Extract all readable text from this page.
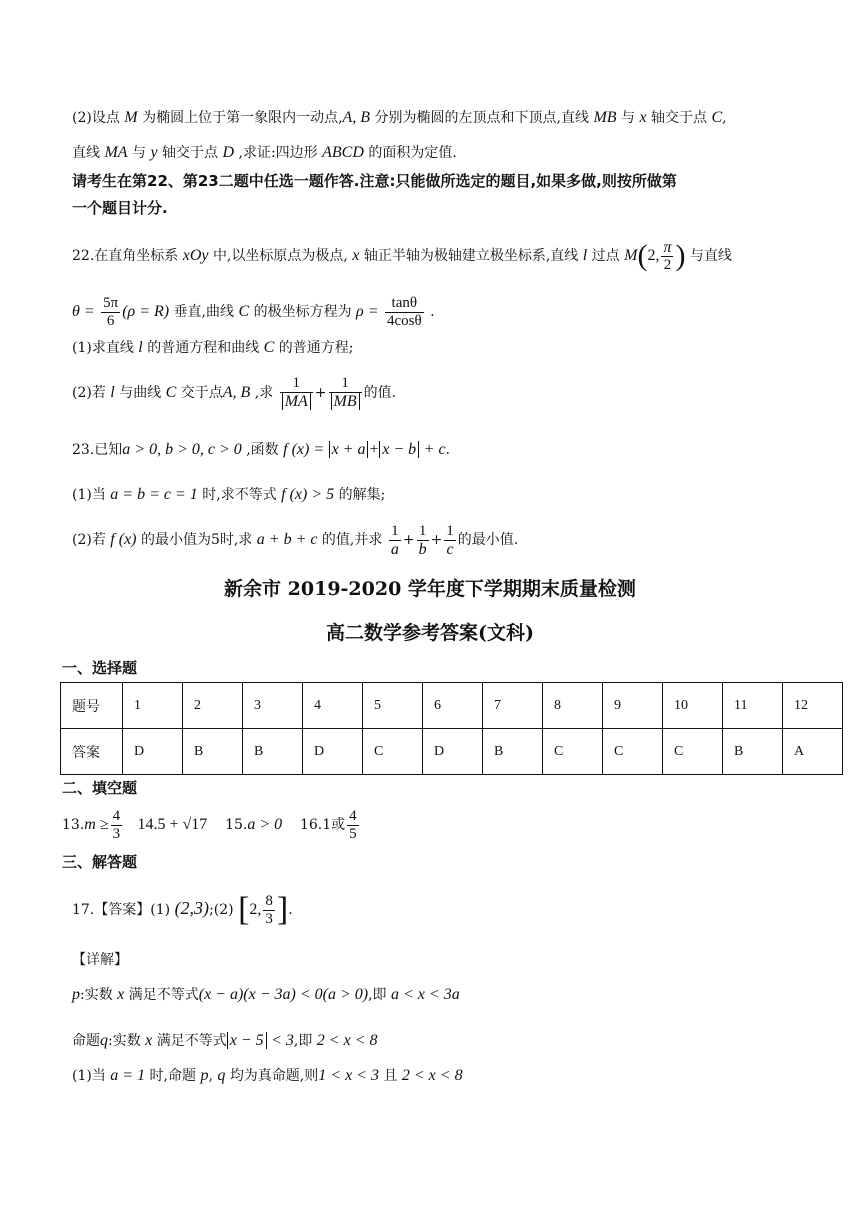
(2)设点 M 为椭圆上位于第一象限内一动点,A, B 分别为椭圆的左顶点和下顶点,直线 MB 与 x 轴交于点 C,
直线 MA 与 y 轴交于点 D ,求证:四边形 ABCD 的面积为定值.
请考生在第22、第23二题中任选一题作答.注意:只能做所选定的题目,如果多做,则按所做第
一个题目计分.
22.在直角坐标系 xOy 中,以坐标原点为极点, x 轴正半轴为极轴建立极坐标系,直线 l 过点 M(2, $\frac{\pi}{2}$ ) 与直线
$\theta = \frac{5\pi}{6} (\rho = R)$ 垂直,曲线 C 的极坐标方程为 $\rho = \frac{\tan\theta}{4\cos\theta}$ .
(1)求直线 l 的普通方程和曲线 C 的普通方程;
(2)若 l 与曲线 C 交于点A, B ,求 $\frac{1}{MA} + \frac{1}{MB}$ 的值.
23.已知a > 0, b > 0, c > 0 ,函数 f (x) = x + a + x − b + c.
(1)当 a = b = c = 1 时,求不等式 f (x) > 5 的解集;
(2)若 f (x) 的最小值为5时,求 a + b + c 的值,并求 $\frac{1}{a} + \frac{1}{b} + \frac{1}{c}$ 的最小值.
新余市 2019-2020 学年度下学期期末质量检测
高二数学参考答案(文科)
一、选择题
题号	1	2	3	4	5	6	7	8	9	10	11	12
答案	D	B	B	D	C	D	B	C	C	C	B	A
二、填空题
$13.m \ge \frac{4}{3} 14.5 + √17$ 15.a > 0 16.1或 $\frac{4}{5}$
三、解答题
17.【答案】(1) (2,3);(2) [2, $\frac{8}{3}$ ].
【详解】
p:实数 x 满足不等式(x − a)(x − 3a) < 0(a > 0),即 a < x < 3a
命题q:实数 x 满足不等式 x − 5 < 3,即 2 < x < 8
(1)当 a = 1 时,命题 p, q 均为真命题,则1 < x < 3 且 2 < x < 8
